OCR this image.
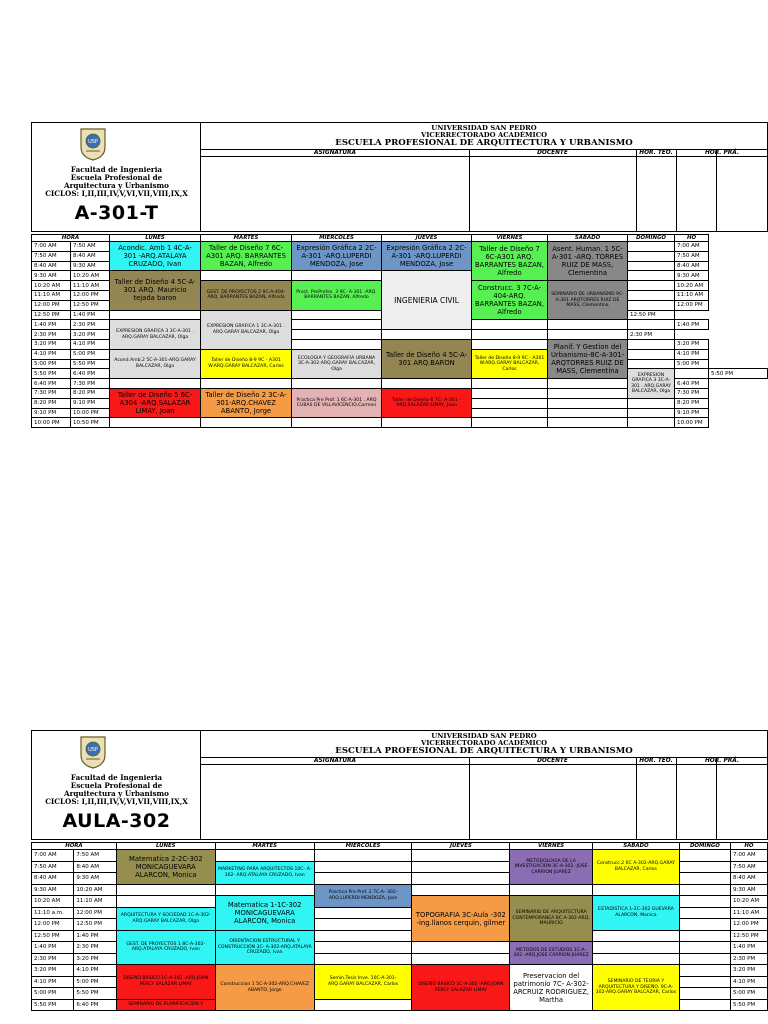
USP
Facultad de Ingenieria
Escuela Profesional de
Arquitectura y Urbanismo
CICLOS: I,II,III,IV,V,VI,VII,VIII,IX,X
A-301-T
UNIVERSIDAD SAN PEDRO
VICERRECTORADO ACADÉMICO
ESCUELA PROFESIONAL DE ARQUITECTURA Y URBANISMO
ASIGNATURA	DOCENTE	HOR. TEO.	HOR. PRÁ.
HORA		LUNES	MARTES	MIÉRCOLES	JUEVES	VIERNES	SÁBADO	DOMINGO	HO	
7:00 AM	7:50 AM	Acondic. Amb 1 4C-A-301 -ARQ.ATALAYA CRUZADO, Ivan	Taller de Diseño 7 6C-A301 ARQ. BARRANTES BAZAN, Alfredo	Expresión Gráfica 2 2C- A-301 -ARQ.LUPERDI MENDOZA, Jose	Expresión Gráfica 2 2C- A-301 -ARQ.LUPERDI MENDOZA, Jose	Taller de Diseño 7 6C-A301 ARQ. BARRANTES BAZAN, Alfredo	Asent. Human. 1 5C- A-301 -ARQ. TORRES RUIZ DE MASS, Clementina		7:00 AM	
7:50 AM	8:40 AM								7:50 AM	
8:40 AM	9:30 AM								8:40 AM	
9:30 AM	10:20 AM	Taller de Diseño 4 5C-A-301 ARQ. Mauricio tejada baron			INGENIERIA CIVIL				9:30 AM	
10:20 AM	11:10 AM		GEST. DE PROYECTOS 2 9C-A-404-ARQ. BARRANTES BAZAN, Alfredo	Pract. PreProfes. 3 9C- A-301 -ARQ. BARRANTES BAZAN, Alfredo		Construcc. 3 7C-A-404-ARQ. BARRANTES BAZAN, Alfredo	SEMINARIO DE URBANISMO 9C- A-301 ARQTORRES RUIZ DE MASS, Clementina		10:20 AM	
11:10 AM	12:00 PM								11:10 AM	
12:00 PM	12:50 PM								12:00 PM	
12:50 PM	1:40 PM		EXPRESION GRAFICA 1 3C-A-301 . ARQ.GARAY BALCAZAR, Olga					12:50 PM		
1:40 PM	2:30 PM	EXPRESION GRAFICA 3 3C-A-301 . ARQ.GARAY BALCAZAR, Olga							1:40 PM	
2:30 PM	3:20 PM							2:30 PM		
3:20 PM	4:10 PM				Taller de Diseño 4 5C-A-301 ARQ.BARON		Planif. Y Gestion del Urbanismo-8C-A-301-ARQTORRES RUIZ DE MASS, Clementina		3:20 PM	
4:10 PM	5:00 PM	Acond.Amb.2 5C-A-301-ARQ.GARAY BALCAZAR, Olga	Taller de Diseño 8-9 9C - A301 W.ARQ.GARAY BALCAZAR, Carlos	ECOLOGIA Y GEOGRAFIA URBANA 3C-A-302-ARQ.GARAY BALCAZAR, Olga		Taller de Diseño 8-9 9C - A301 W.ARQ.GARAY BALCAZAR, Carlos			4:10 PM	
5:00 PM	5:50 PM								5:00 PM	
5:50 PM	6:40 PM							EXPRESION GRAFICA 3 3C-A-301 . ARQ.GARAY BALCAZAR, Olga		5:50 PM
6:40 PM	7:30 PM								6:40 PM	
7:30 PM	8:20 PM	Taller de Diseño 5 6C-A304 -ARQ.SALAZAR LIMAY, Joan	Taller de Diseño 2 3C-A-301-ARQ.CHAVEZ ABANTO, Jorge	Practica Pre Prof. 1 6C-A-301 . ARQ CUBAS DE VILLAVICENCIO,Carmen	Taller de Diseño 6 7C- A-301 -ARQ.SALAZAR LIMAY, Joan				7:30 PM	
8:20 PM	9:10 PM								8:20 PM	
9:10 PM	10:00 PM								9:10 PM	
10:00 PM	10:50 PM								10:00 PM	
USP
Facultad de Ingenieria
Escuela Profesional de
Arquitectura y Urbanismo
CICLOS: I,II,III,IV,V,VI,VII,VIII,IX,X
AULA-302
UNIVERSIDAD SAN PEDRO
VICERRECTORADO ACADÉMICO
ESCUELA PROFESIONAL DE ARQUITECTURA Y URBANISMO
ASIGNATURA	DOCENTE	HOR. TEO.	HOR. PRÁ.
HORA		LUNES	MARTES	MIÉRCOLES	JUEVES	VIERNES	SÁBADO	DOMINGO	HO
7:00 AM	7:50 AM	Matematica 2-2C-302 MONICAGUEVARA ALARCON, Monica				METODOLOGIA DE LA INVESTIGACION 3C-A-302 -JOSE CARRION JUAREZ	Construcc.2 6C A-302-ARQ.GARAY BALCAZAR, Carlos		7:00 AM
7:50 AM	8:40 AM		MARKETING PARA ARQUITECTOS 10C- A-302- ARQ.ATALAYA CRUZADO, Ivan						7:50 AM
8:40 AM	9:30 AM								8:40 AM
9:30 AM	10:20 AM			Practica Pre Prof. 2 7C-A- 302- ARQ.LUPERDI MENDOZA, Jose					9:30 AM
10:20 AM	11:10 AM		Matematica 1-1C-302 MONICAGUEVARA ALARCON, Monica		TOPOGRAFIA 3C-Aula -302 -ing.llanos cerquin, gilmer	SEMINARIO DE ARQUITECTURA CONTEMPORANEA 8C A-302-ARQ. MAURICIO	ESTADISTICA 1-2C-302 GUEVARA ALARCON, Monica		10:20 AM
11:10 a.m.	12:00 PM	ARQUITECTURA Y SOCIEDAD 1C-A-302- ARQ.GARAY BALCAZAR, Olga							11:10 AM
12:00 PM	12:50 PM								12:00 PM
12:50 PM	1:40 PM	GEST. DE PROYECTOS 1 8C-A-302-ARQ.ATALAYA CRUZADO, Ivan	ORIENTACION ESTRUCTURAL Y CONSTRUCCION 3C- A-302-ARQ.ATALAYA CRUZADO, Ivan						12:50 PM
1:40 PM	2:30 PM					METODOS DE ESTUDIOS 1C-A-302 -ARQ.JOSE CARRION JUAREZ			1:40 PM
2:30 PM	3:20 PM								2:30 PM
3:20 PM	4:10 PM	DISEÑO BASICO 1C-A-302 -ARQ.JOAN PERCY SALAZAR LIMAY	Construccion 1 5C-A-302-ARQ.CHAVEZ ABANTO, Jorge	Semin.Tesis Inve. 10C-A-301-ARQ.GARAY BALCAZAR, Carlos	DISEÑO BASICO 1C-A-302 -ARQ.JOAN PERCY SALAZAR LIMAY	Preservacion del patrimonio 7C- A-302- ARCRUIZ RODRIGUEZ, Martha	SEMINARIO DE TEORIA Y ARQUITECTURA Y DISEÑO. 9C-A-302-ARQ.GARAY BALCAZAR, Carlos		3:20 PM
4:10 PM	5:00 PM								4:10 PM
5:00 PM	5:50 PM								5:00 PM
5:50 PM	6:40 PM	SEMINARIO DE PLANIFICACION Y							5:50 PM
